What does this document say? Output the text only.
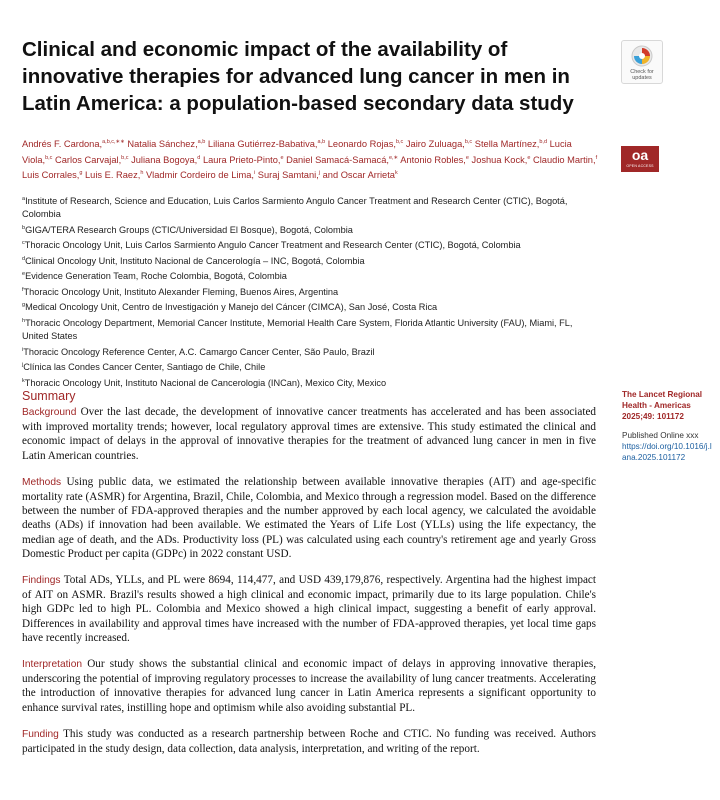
Clinical and economic impact of the availability of innovative therapies for advanced lung cancer in men in Latin America: a population-based secondary data study
Check for updates
Andrés F. Cardona,$^{a,b,c,∗∗}$ Natalia Sánchez,$^{a,b}$ Liliana Gutiérrez-Babativa,$^{a,b}$ Leonardo Rojas,$^{b,c}$ Jairo Zuluaga,$^{b,c}$ Stella Martínez,$^{b,d}$ Lucia Viola,$^{b,c}$ Carlos Carvajal,$^{b,c}$ Juliana Bogoya,$^d$ Laura Prieto-Pinto,$^e$ Daniel Samacá-Samacá,$^{e,∗}$ Antonio Robles,$^e$ Joshua Kock,$^e$ Claudio Martin,$^f$ Luis Corrales,$^g$ Luis E. Raez,$^h$ Vladmir Cordeiro de Lima,$^i$ Suraj Samtani,$^j$ and Oscar Arrieta$^k$
oa
OPEN ACCESS

$^a$Institute of Research, Science and Education, Luis Carlos Sarmiento Angulo Cancer Treatment and Research Center (CTIC), Bogotá, Colombia

$^b$GIGA/TERA Research Groups (CTIC/Universidad El Bosque), Bogotá, Colombia

$^c$Thoracic Oncology Unit, Luis Carlos Sarmiento Angulo Cancer Treatment and Research Center (CTIC), Bogotá, Colombia

$^d$Clinical Oncology Unit, Instituto Nacional de Cancerología – INC, Bogotá, Colombia

$^e$Evidence Generation Team, Roche Colombia, Bogotá, Colombia

$^f$Thoracic Oncology Unit, Instituto Alexander Fleming, Buenos Aires, Argentina

$^g$Medical Oncology Unit, Centro de Investigación y Manejo del Cáncer (CIMCA), San José, Costa Rica

$^h$Thoracic Oncology Department, Memorial Cancer Institute, Memorial Health Care System, Florida Atlantic University (FAU), Miami, FL, United States

$^i$Thoracic Oncology Reference Center, A.C. Camargo Cancer Center, São Paulo, Brazil

$^j$Clínica las Condes Cancer Center, Santiago de Chile, Chile

$^k$Thoracic Oncology Unit, Instituto Nacional de Cancerologia (INCan), Mexico City, Mexico

Summary

Background Over the last decade, the development of innovative cancer treatments has accelerated and has been associated with improved mortality trends; however, local regulatory approval times are extensive. This study estimated the clinical and economic impact of delays in the approval of innovative therapies for the treatment of advanced lung cancer in men in five Latin American countries.

Methods Using public data, we estimated the relationship between available innovative therapies (AIT) and age-specific mortality rate (ASMR) for Argentina, Brazil, Chile, Colombia, and Mexico through a regression model. Based on the difference between the number of FDA-approved therapies and the number approved by each local agency, we calculated the avoidable deaths (ADs) if innovation had been available. We estimated the Years of Life Lost (YLLs) using the life expectancy, the median age of death, and the ADs. Productivity loss (PL) was calculated using each country's retirement age and yearly Gross Domestic Product per capita (GDPc) in 2022 constant USD.

Findings Total ADs, YLLs, and PL were 8694, 114,477, and USD 439,179,876, respectively. Argentina had the highest impact of AIT on ASMR. Brazil's results showed a high clinical and economic impact, primarily due to its large population. Chile's high GDPc led to high PL. Colombia and Mexico showed a high clinical impact, suggesting a benefit of early approval. Differences in availability and approval times have increased with the number of FDA-approved therapies, yet local time gaps have recently increased.

Interpretation Our study shows the substantial clinical and economic impact of delays in approving innovative therapies, underscoring the potential of improving regulatory processes to increase the availability of lung cancer treatments. Accelerating the introduction of innovative therapies for advanced lung cancer in Latin America represents a significant opportunity to enhance survival rates, instilling hope and optimism while also avoiding substantial PL.

Funding This study was conducted as a research partnership between Roche and CTIC. No funding was received. Authors participated in the study design, data collection, data analysis, interpretation, and writing of the report.

The Lancet Regional Health - Americas 2025;49: 101172

Published Online xxx

https://doi.org/10.1016/j.lana.2025.101172
